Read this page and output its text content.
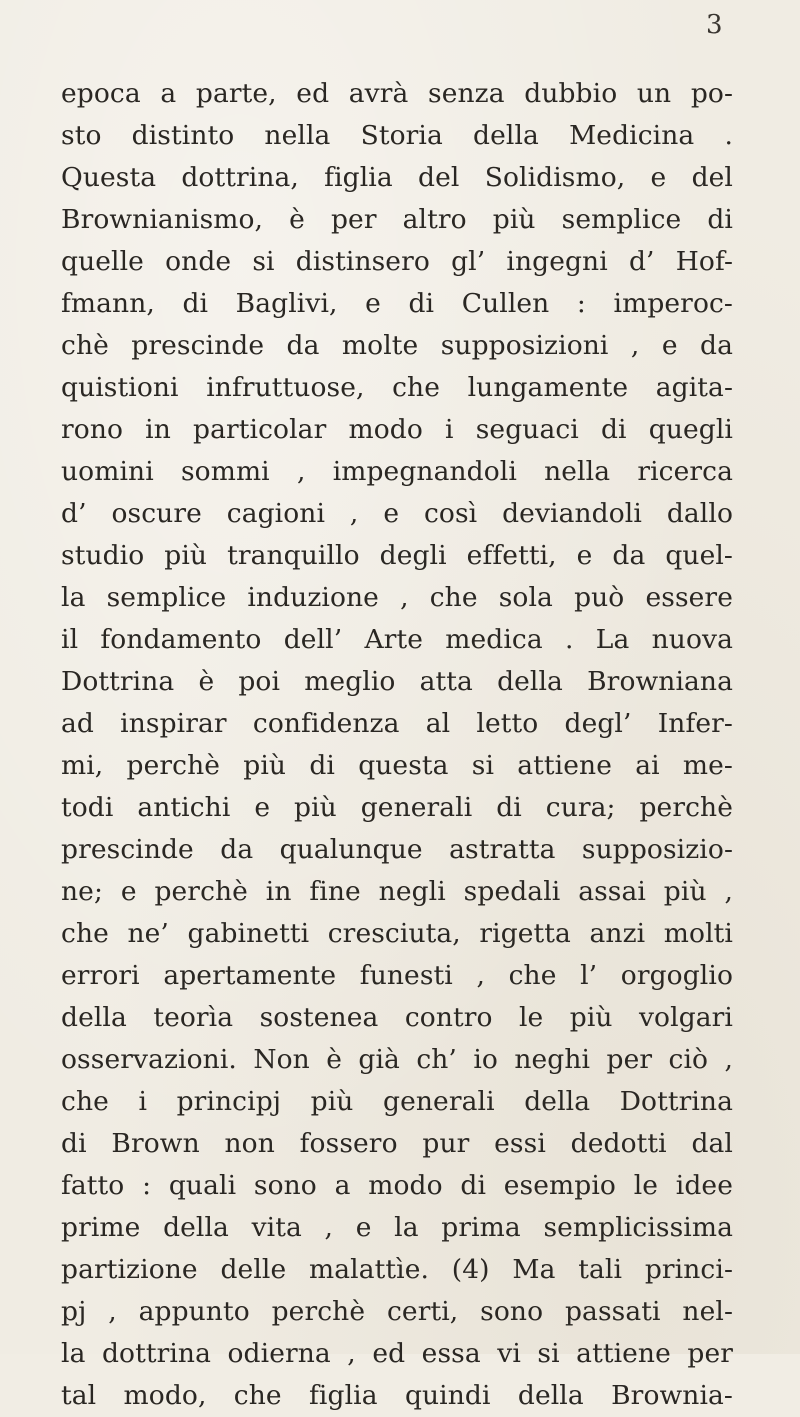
3
epoca a parte, ed avrà senza dubbio un po-
sto distinto nella Storia della Medicina .
Questa dottrina, figlia del Solidismo, e del
Brownianismo, è per altro più semplice di
quelle onde si distinsero gl’ ingegni d’ Hof-
fmann, di Baglivi, e di Cullen : imperoc-
chè prescinde da molte supposizioni , e da
quistioni infruttuose, che lungamente agita-
rono in particolar modo i seguaci di quegli
uomini sommi , impegnandoli nella ricerca
d’ oscure cagioni , e così deviandoli dallo
studio più tranquillo degli effetti, e da quel-
la semplice induzione , che sola può essere
il fondamento dell’ Arte medica . La nuova
Dottrina è poi meglio atta della Browniana
ad inspirar confidenza al letto degl’ Infer-
mi, perchè più di questa si attiene ai me-
todi antichi e più generali di cura; perchè
prescinde da qualunque astratta supposizio-
ne; e perchè in fine negli spedali assai più ,
che ne’ gabinetti cresciuta, rigetta anzi molti
errori apertamente funesti , che l’ orgoglio
della teorìa sostenea contro le più volgari
osservazioni. Non è già ch’ io neghi per ciò ,
che i principj più generali della Dottrina
di Brown non fossero pur essi dedotti dal
fatto : quali sono a modo di esempio le idee
prime della vita , e la prima semplicissima
partizione delle malattìe. (4) Ma tali princi-
pj , appunto perchè certi, sono passati nel-
la dottrina odierna , ed essa vi si attiene per
tal modo, che figlia quindi della Brownia-
